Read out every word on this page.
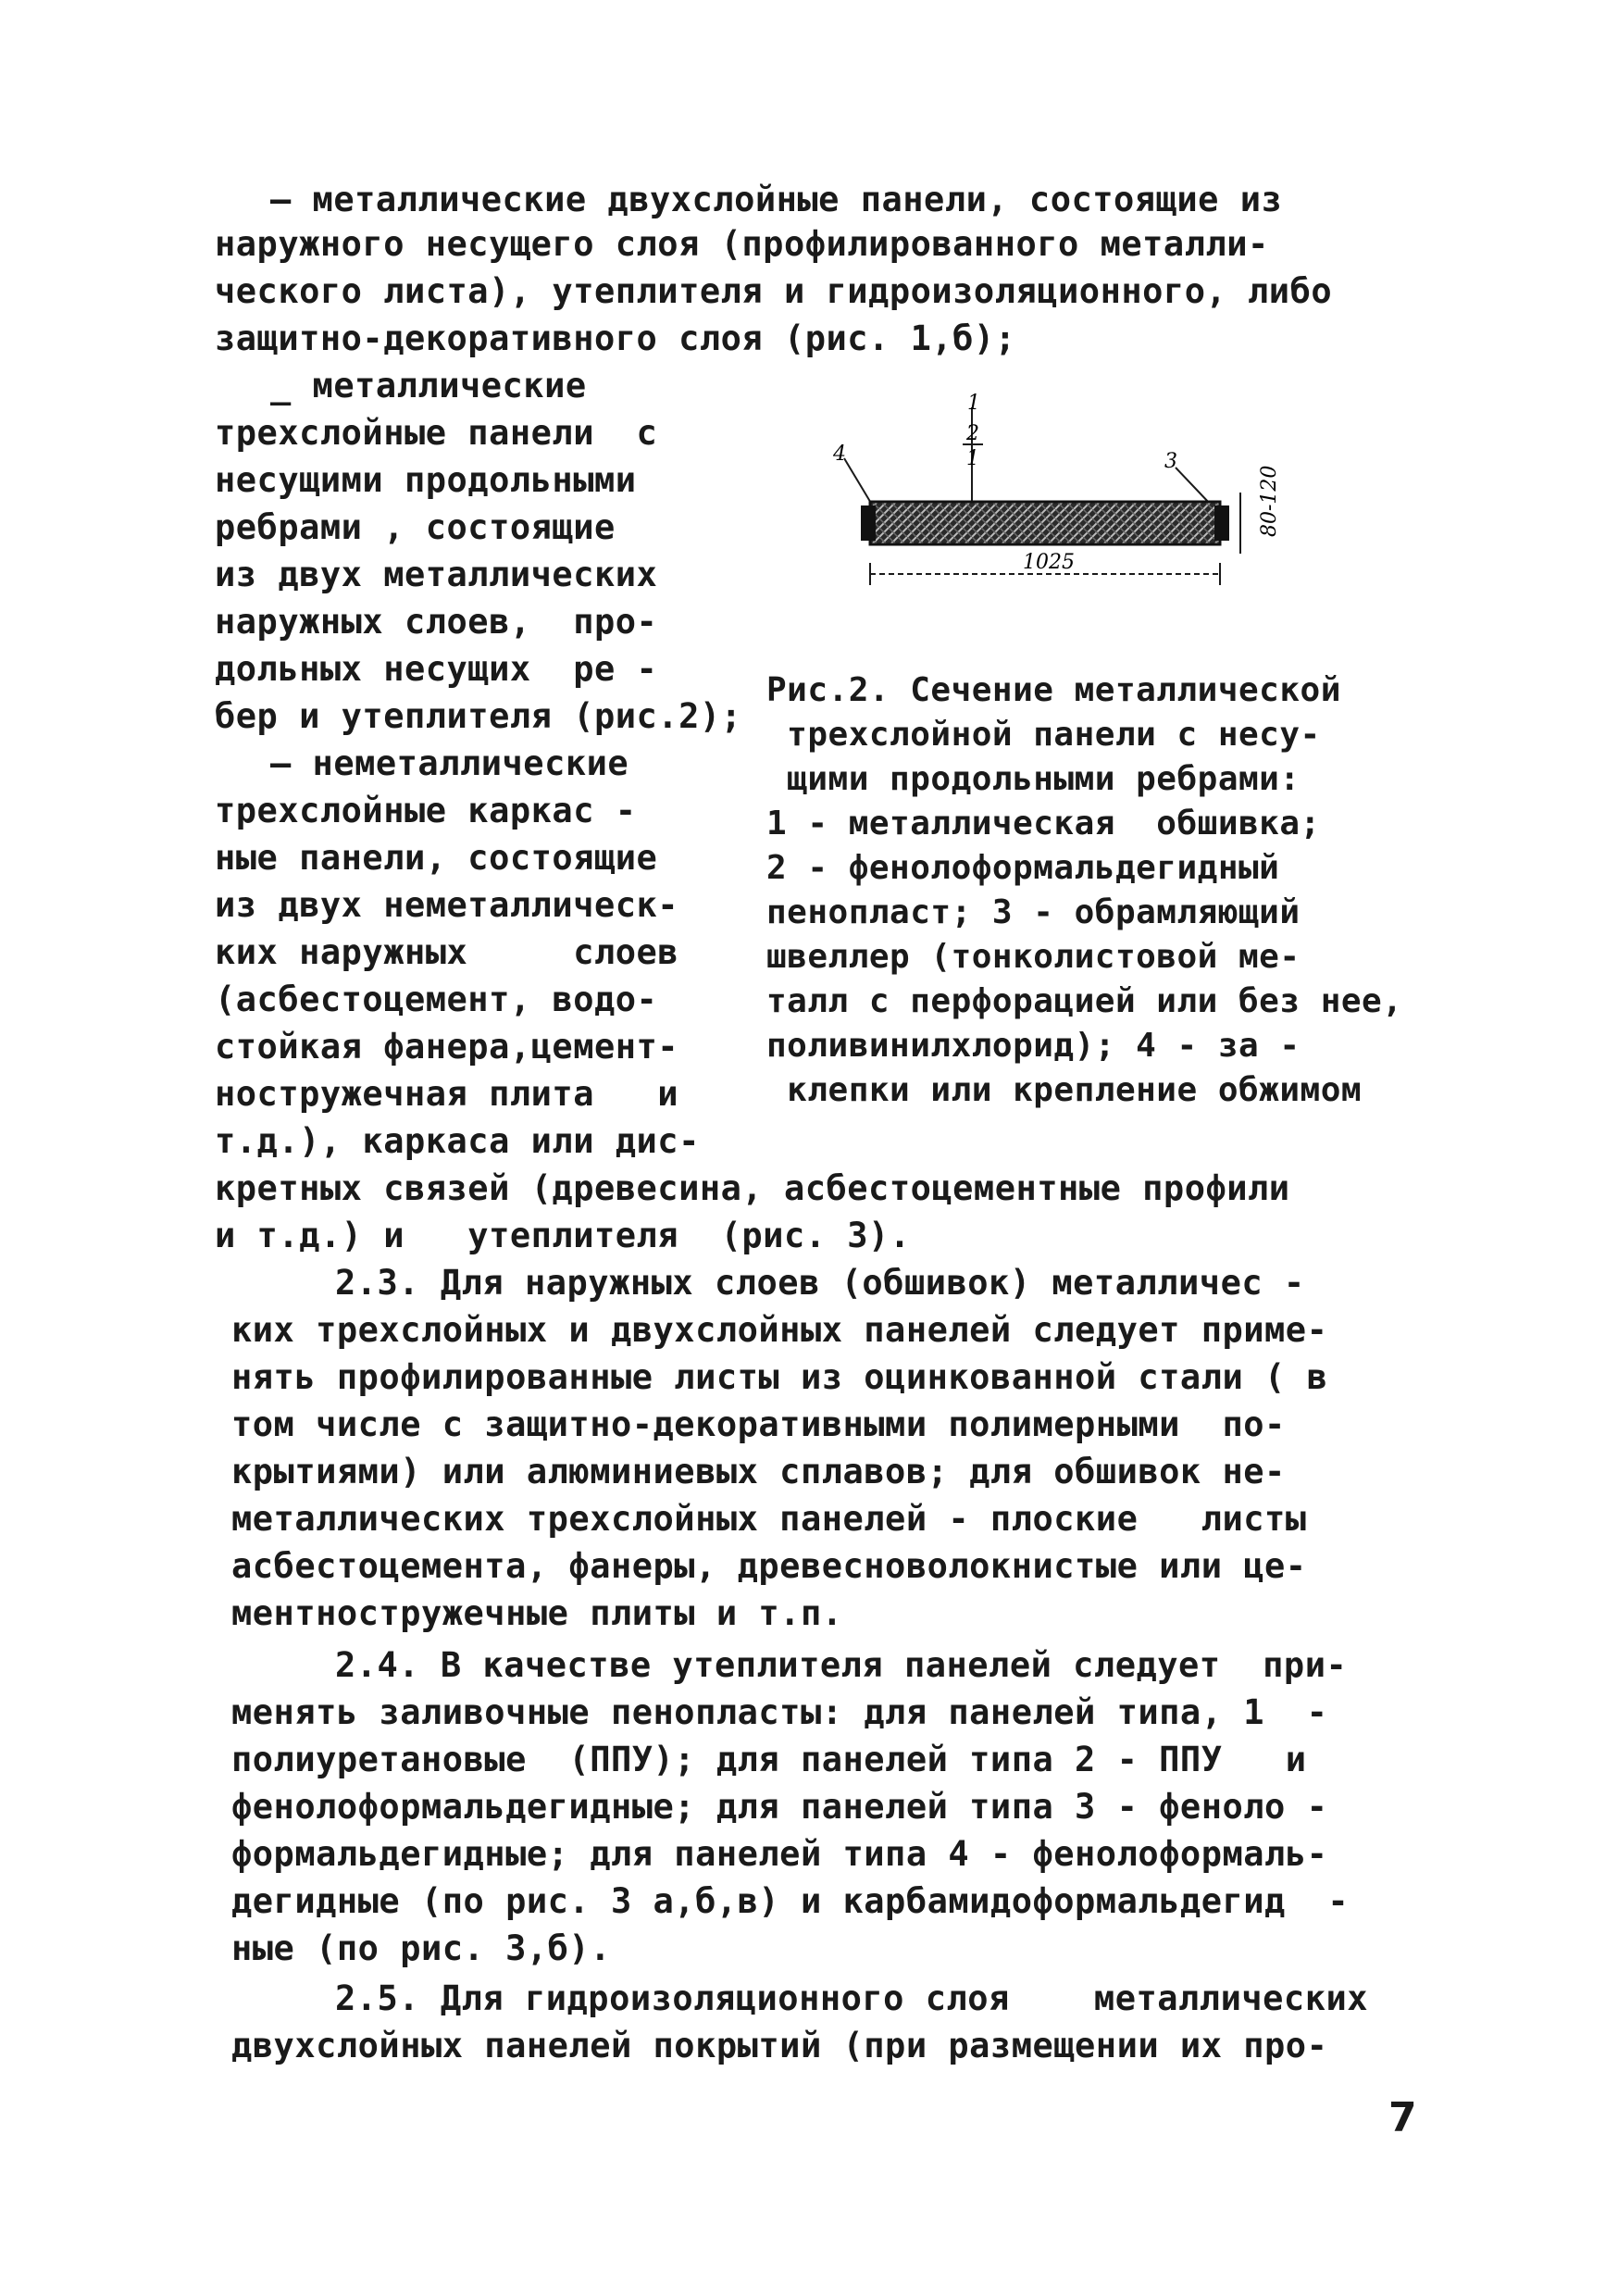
— металлические двухслойные панели, состоящие из
наружного несущего слоя (профилированного металли-
ческого листа), утеплителя и гидроизоляционного, либо
защитно-декоративного слоя (рис. 1,б);
_ металлические
трехслойные панели  с
несущими продольными
ребрами , состоящие
из двух металлических
наружных слоев,  про-
дольных несущих  ре -
бер и утеплителя (рис.2);
— неметаллические
трехслойные каркас -
ные панели, состоящие
из двух неметаллическ-
ких наружных     слоев
(асбестоцемент, водо-
стойкая фанера,цемент-
ностружечная плита   и
т.д.), каркаса или дис-
кретных связей (древесина, асбестоцементные профили
и т.д.) и   утеплителя  (рис. 3).
1
2
1
4	3
80-120
1025
Рис.2. Сечение металлической
трехслойной панели с несу-
щими продольными ребрами:
1 - металлическая  обшивка;
2 - фенолоформальдегидный
пенопласт; 3 - обрамляющий
швеллер (тонколистовой ме-
талл с перфорацией или без нее,
поливинилхлорид); 4 - за -
клепки или крепление обжимом
2.3. Для наружных слоев (обшивок) металличес -
ких трехслойных и двухслойных панелей следует приме-
нять профилированные листы из оцинкованной стали ( в
том числе с защитно-декоративными полимерными  по-
крытиями) или алюминиевых сплавов; для обшивок не-
металлических трехслойных панелей - плоские   листы
асбестоцемента, фанеры, древесноволокнистые или це-
ментностружечные плиты и т.п.
2.4. В качестве утеплителя панелей следует  при-
менять заливочные пенопласты: для панелей типа, 1  -
полиуретановые  (ППУ); для панелей типа 2 - ППУ   и
фенолоформальдегидные; для панелей типа 3 - феноло -
формальдегидные; для панелей типа 4 - фенолоформаль-
дегидные (по рис. 3 а,б,в) и карбамидоформальдегид  -
ные (по рис. 3,б).
2.5. Для гидроизоляционного слоя    металлических
двухслойных панелей покрытий (при размещении их про-
7
